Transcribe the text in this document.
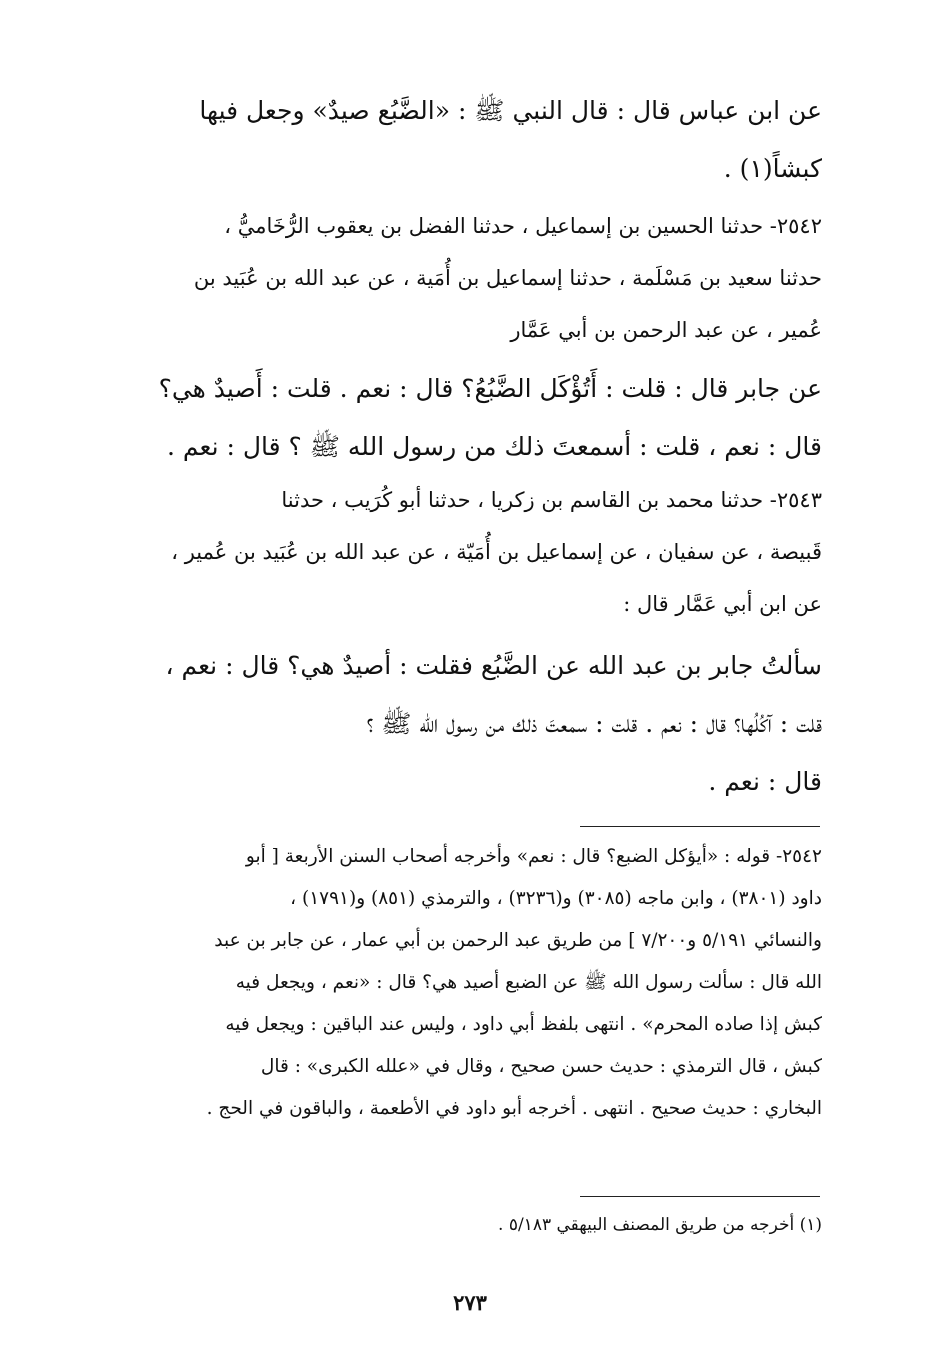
عن ابن عباس قال : قال النبي ﷺ : «الضَّبُع صيدٌ» وجعل فيها
كبشاً(١) .
٢٥٤٢- حدثنا الحسين بن إسماعيل ، حدثنا الفضل بن يعقوب الرُّخَاميُّ ،
حدثنا سعيد بن مَسْلَمة ، حدثنا إسماعيل بن أُمَية ، عن عبد الله بن عُبَيد بن
عُمير ، عن عبد الرحمن بن أبي عَمَّار
عن جابر قال : قلت : أَتُؤْكَل الضَّبُعُ؟ قال : نعم . قلت : أَصيدٌ هي؟
قال : نعم ، قلت : أسمعتَ ذلك من رسول الله ﷺ ؟ قال : نعم .
٢٥٤٣- حدثنا محمد بن القاسم بن زكريا ، حدثنا أبو كُرَيب ، حدثنا
قَبيصة ، عن سفيان ، عن إسماعيل بن أُمَيّة ، عن عبد الله بن عُبَيد بن عُمير ،
عن ابن أبي عَمَّار قال :
سألتُ جابر بن عبد الله عن الضَّبُع فقلت : أصيدٌ هي؟ قال : نعم ،
قلت : آكُلُها؟ قال : نعم . قلت : سمعتَ ذلك من رسول الله ﷺ ؟
قال : نعم .
٢٥٤٢- قوله : «أيؤكل الضبع؟ قال : نعم» وأخرجه أصحاب السنن الأربعة [ أبو
داود (٣٨٠١) ، وابن ماجه (٣٠٨٥) و(٣٢٣٦) ، والترمذي (٨٥١) و(١٧٩١) ،
والنسائي ٥/١٩١ و٧/٢٠٠ ] من طريق عبد الرحمن بن أبي عمار ، عن جابر بن عبد
الله قال : سألت رسول الله ﷺ عن الضبع أصيد هي؟ قال : «نعم ، ويجعل فيه
كبش إذا صاده المحرم» . انتهى بلفظ أبي داود ، وليس عند الباقين : ويجعل فيه
كبش ، قال الترمذي : حديث حسن صحيح ، وقال في «علله الكبرى» : قال
البخاري : حديث صحيح . انتهى . أخرجه أبو داود في الأطعمة ، والباقون في الحج .
(١) أخرجه من طريق المصنف البيهقي ٥/١٨٣ .
٢٧٣
